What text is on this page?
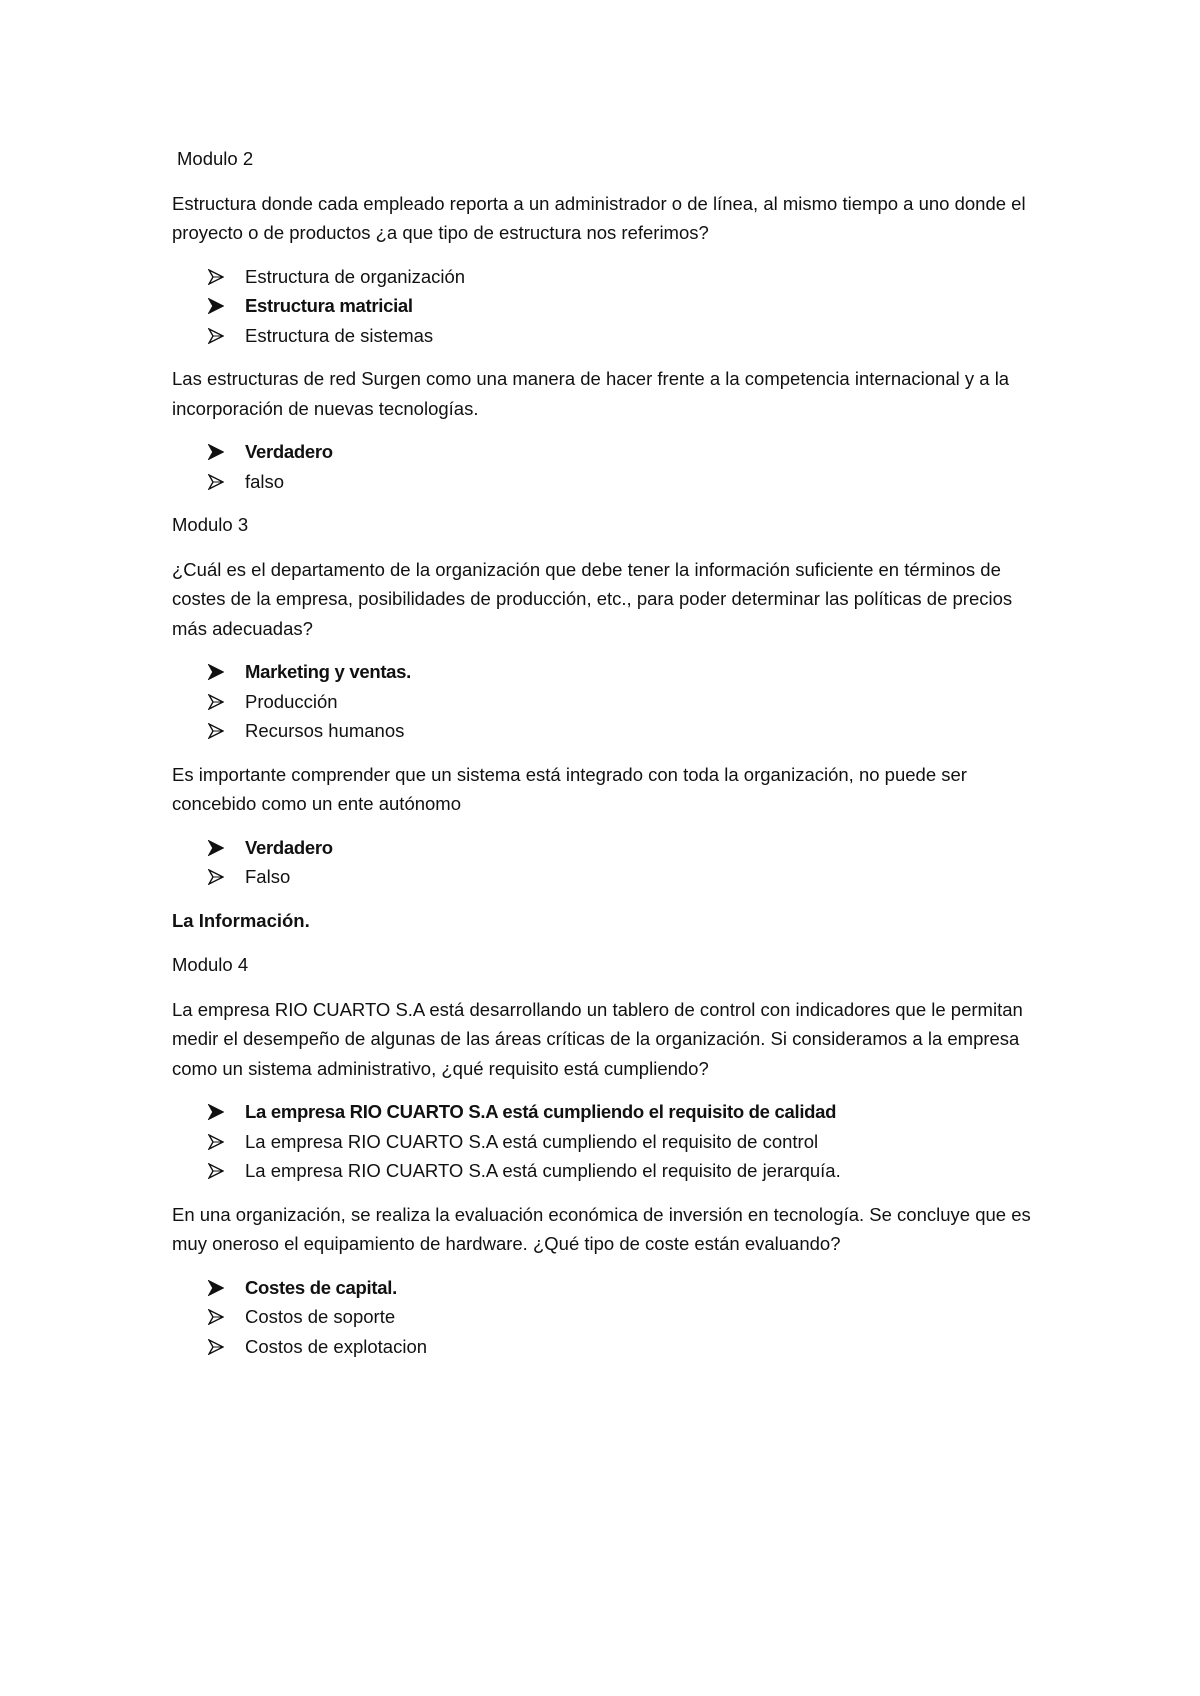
Modulo 2
Estructura donde cada empleado reporta a un administrador o de línea, al mismo tiempo a uno donde el proyecto o de productos ¿a que tipo de estructura nos referimos?
Estructura de organización
Estructura matricial
Estructura de sistemas
Las estructuras de red Surgen como una manera de hacer frente a la competencia internacional y a la incorporación de nuevas tecnologías.
Verdadero
falso
Modulo 3
¿Cuál es el departamento de la organización que debe tener la información suficiente en términos de costes de la empresa, posibilidades de producción, etc., para poder determinar las políticas de precios más adecuadas?
Marketing y ventas.
Producción
Recursos humanos
Es importante comprender que un sistema está integrado con toda la organización, no puede ser concebido como un ente autónomo
Verdadero
Falso
La Información.
Modulo 4
La empresa RIO CUARTO S.A está desarrollando un tablero de control con indicadores que le permitan medir el desempeño de algunas de las áreas críticas de la organización. Si consideramos a la empresa como un sistema administrativo, ¿qué requisito está cumpliendo?
La empresa RIO CUARTO S.A está cumpliendo el requisito de calidad
La empresa RIO CUARTO S.A está cumpliendo el requisito de control
La empresa RIO CUARTO S.A está cumpliendo el requisito de jerarquía.
En una organización, se realiza la evaluación económica de inversión en tecnología. Se concluye que es muy oneroso el equipamiento de hardware. ¿Qué tipo de coste están evaluando?
Costes de capital.
Costos de soporte
Costos de explotacion
